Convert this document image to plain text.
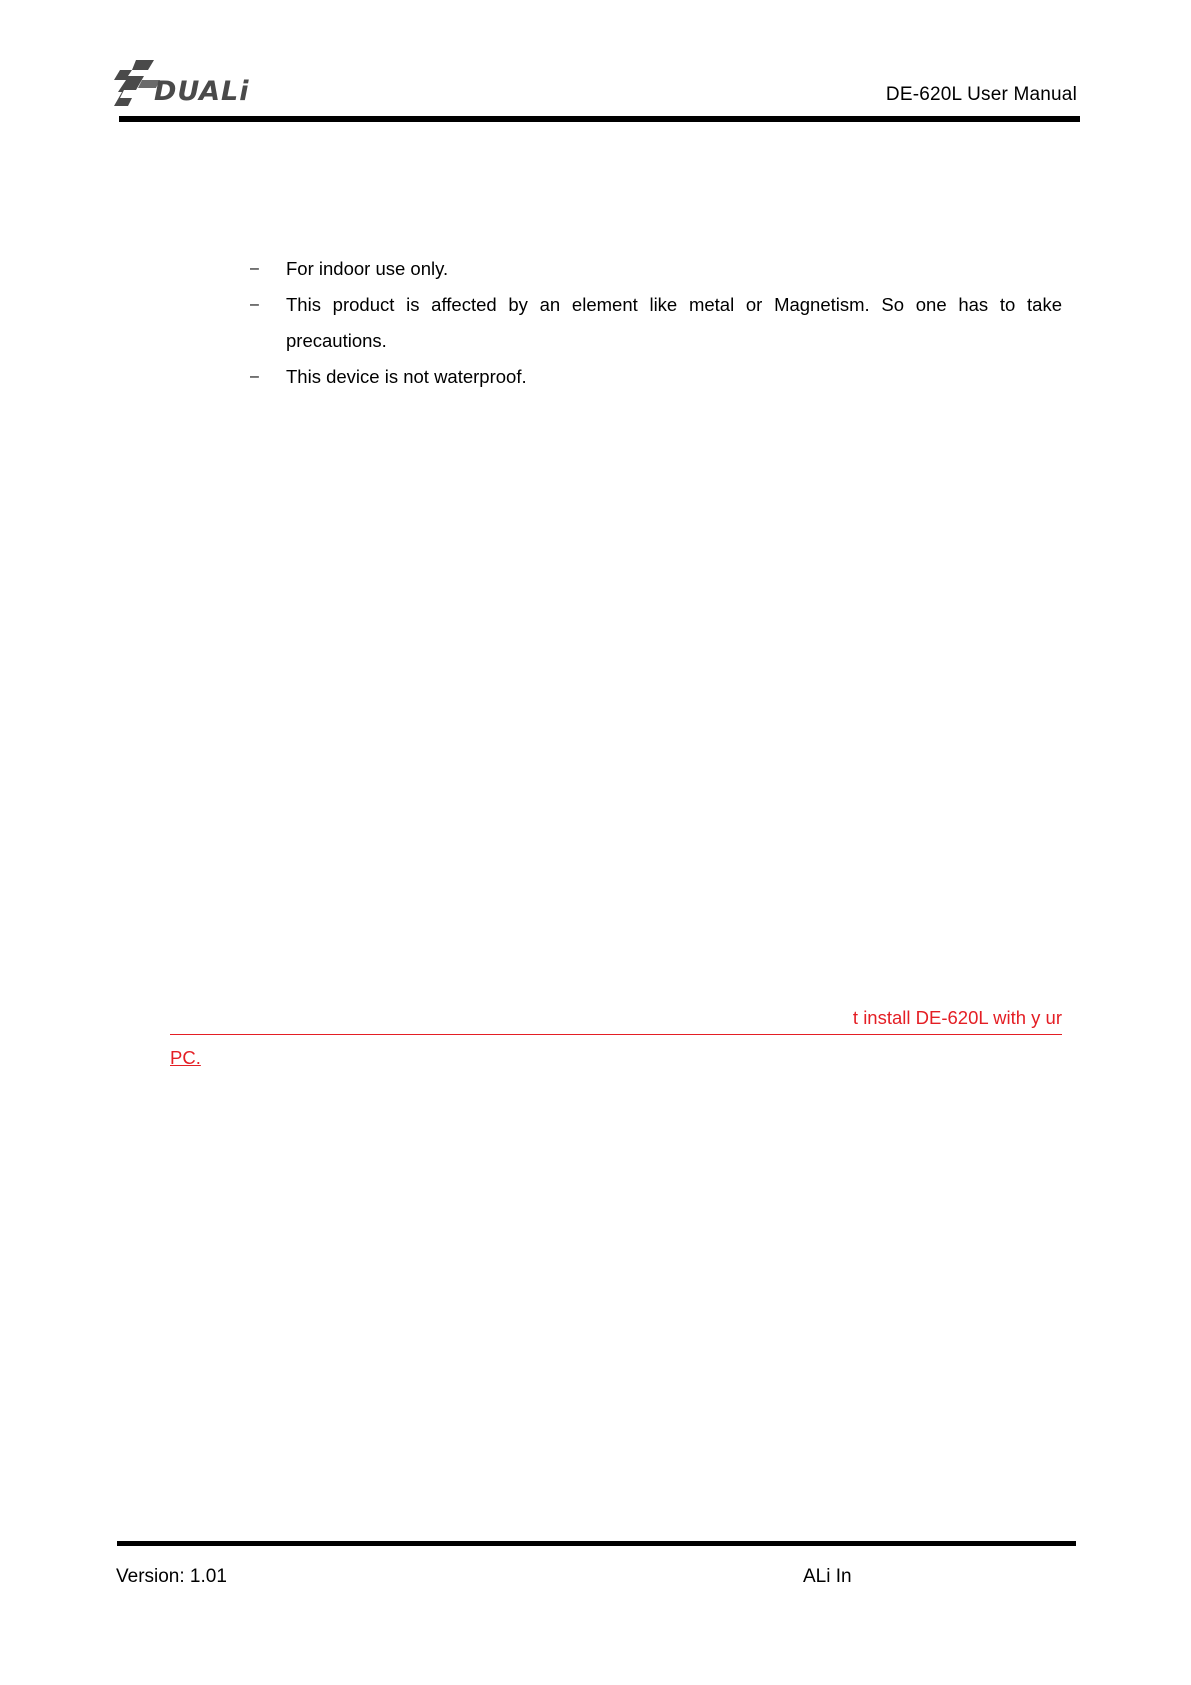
DUALi	DE-620L User Manual
– For indoor use only.
– This product is affected by an element like metal or Magnetism. So one has to take precautions.
– This device is not waterproof.
t install DE-620L with y ur
PC.
Version: 1.01	ALi In
